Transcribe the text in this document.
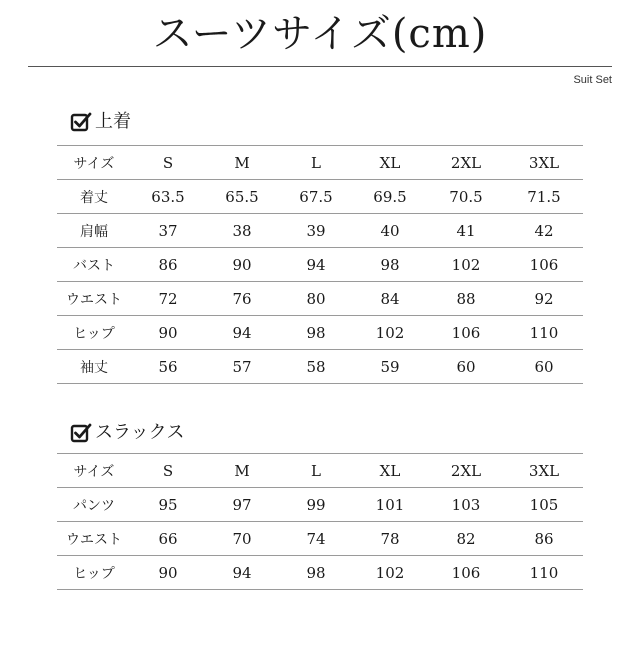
スーツサイズ(cm)
Suit Set
上着
サイズ	S	M	L	XL	2XL	3XL
着丈	63.5	65.5	67.5	69.5	70.5	71.5
肩幅	37	38	39	40	41	42
バスト	86	90	94	98	102	106
ウエスト	72	76	80	84	88	92
ヒップ	90	94	98	102	106	110
袖丈	56	57	58	59	60	60
スラックス
サイズ	S	M	L	XL	2XL	3XL
パンツ	95	97	99	101	103	105
ウエスト	66	70	74	78	82	86
ヒップ	90	94	98	102	106	110
